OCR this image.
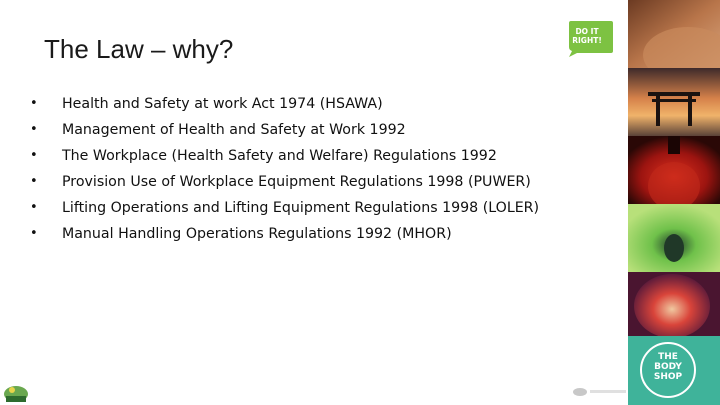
The Law – why?
• Health and Safety at work Act 1974 (HSAWA)
• Management of Health and Safety at Work 1992
• The Workplace (Health Safety and Welfare) Regulations 1992
• Provision Use of Workplace Equipment Regulations 1998 (PUWER)
• Lifting Operations and Lifting Equipment Regulations 1998 (LOLER)
• Manual Handling Operations Regulations 1992 (MHOR)
DO IT
RIGHT!
THE
BODY
SHOP
